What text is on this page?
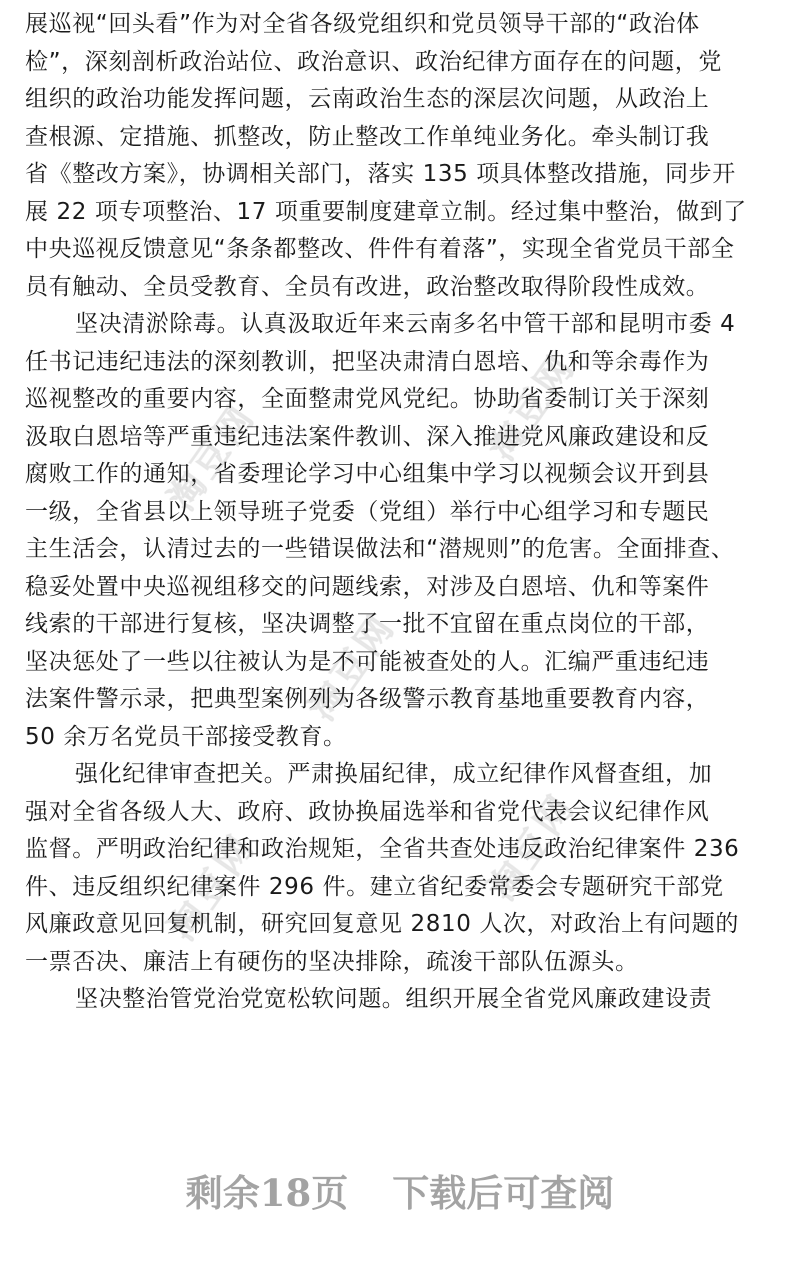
淘豆网	淘豆网
淘豆网	淘豆网
淘豆网
展巡视“回头看”作为对全省各级党组织和党员领导干部的“政治体
检”，深刻剖析政治站位、政治意识、政治纪律方面存在的问题，党
组织的政治功能发挥问题，云南政治生态的深层次问题，从政治上
查根源、定措施、抓整改，防止整改工作单纯业务化。牵头制订我
省《整改方案》，协调相关部门，落实 135 项具体整改措施，同步开
展 22 项专项整治、17 项重要制度建章立制。经过集中整治，做到了
中央巡视反馈意见“条条都整改、件件有着落”，实现全省党员干部全
员有触动、全员受教育、全员有改进，政治整改取得阶段性成效。
坚决清淤除毒。认真汲取近年来云南多名中管干部和昆明市委 4
任书记违纪违法的深刻教训，把坚决肃清白恩培、仇和等余毒作为
巡视整改的重要内容，全面整肃党风党纪。协助省委制订关于深刻
汲取白恩培等严重违纪违法案件教训、深入推进党风廉政建设和反
腐败工作的通知，省委理论学习中心组集中学习以视频会议开到县
一级，全省县以上领导班子党委（党组）举行中心组学习和专题民
主生活会，认清过去的一些错误做法和“潜规则”的危害。全面排查、
稳妥处置中央巡视组移交的问题线索，对涉及白恩培、仇和等案件
线索的干部进行复核，坚决调整了一批不宜留在重点岗位的干部，
坚决惩处了一些以往被认为是不可能被查处的人。汇编严重违纪违
法案件警示录，把典型案例列为各级警示教育基地重要教育内容，
50 余万名党员干部接受教育。
强化纪律审查把关。严肃换届纪律，成立纪律作风督查组，加
强对全省各级人大、政府、政协换届选举和省党代表会议纪律作风
监督。严明政治纪律和政治规矩，全省共查处违反政治纪律案件 236
件、违反组织纪律案件 296 件。建立省纪委常委会专题研究干部党
风廉政意见回复机制，研究回复意见 2810 人次，对政治上有问题的
一票否决、廉洁上有硬伤的坚决排除，疏浚干部队伍源头。
坚决整治管党治党宽松软问题。组织开展全省党风廉政建设责
剩余18页 下载后可查阅
